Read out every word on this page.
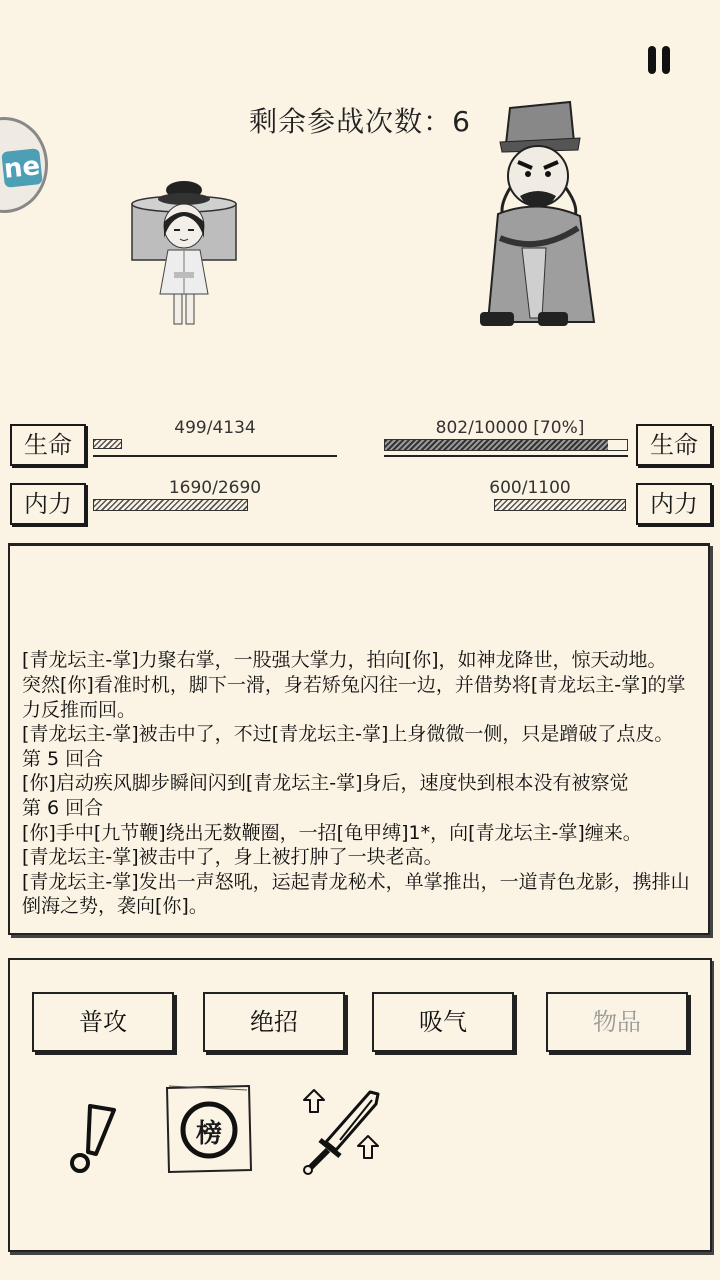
ne
剩余参战次数：6
生命
499/4134
内力
1690/2690
生命
802/10000 [70%]
内力
600/1100
[青龙坛主-掌]力聚右掌，一股强大掌力，拍向[你]，如神龙降世，惊天动地。
突然[你]看准时机，脚下一滑，身若矫兔闪往一边，并借势将[青龙坛主-掌]的掌力反推而回。
[青龙坛主-掌]被击中了，不过[青龙坛主-掌]上身微微一侧，只是蹭破了点皮。
第 5 回合
[你]启动疾风脚步瞬间闪到[青龙坛主-掌]身后，速度快到根本没有被察觉
第 6 回合
[你]手中[九节鞭]绕出无数鞭圈，一招[龟甲缚]1*，向[青龙坛主-掌]缠来。
[青龙坛主-掌]被击中了，身上被打肿了一块老高。
[青龙坛主-掌]发出一声怒吼，运起青龙秘术，单掌推出，一道青色龙影，携排山倒海之势，袭向[你]。
普攻	绝招	吸气	物品
榜
